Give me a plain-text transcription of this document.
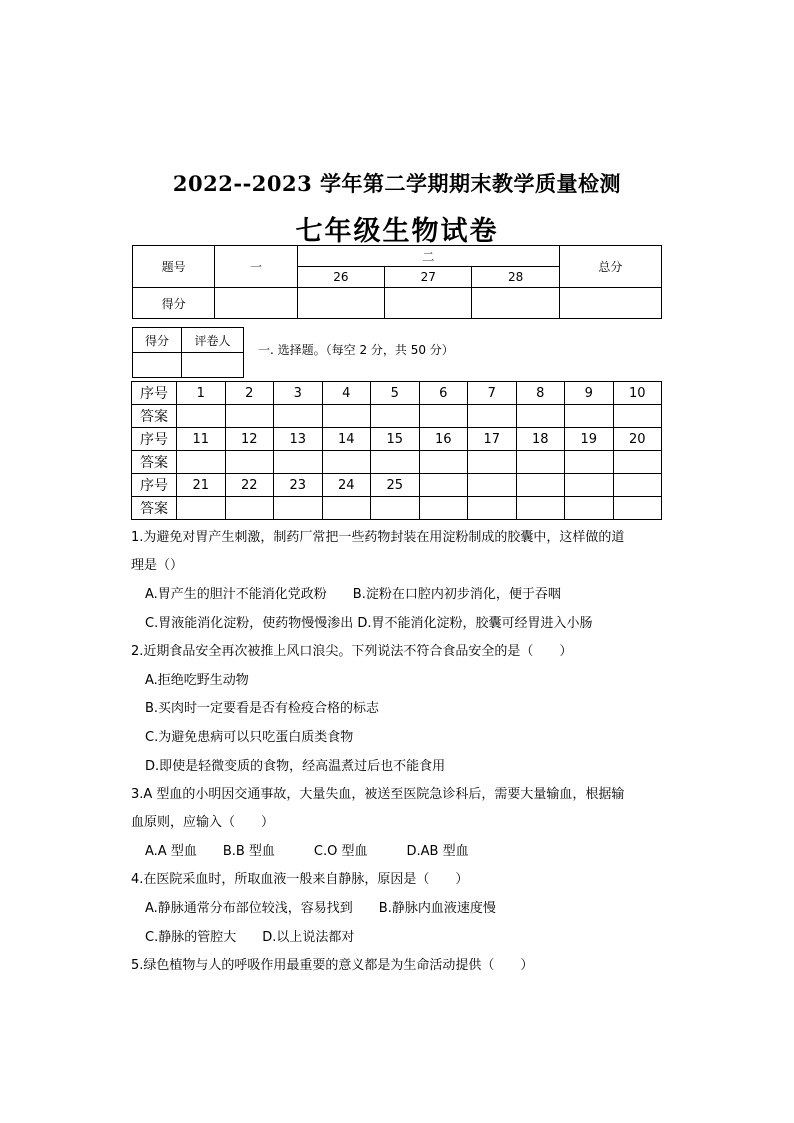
2022--2023 学年第二学期期末教学质量检测
七年级生物试卷
题号	一	二			总分
		26	27	28	
得分					
得分	评卷人

一. 选择题。（每空 2 分，共 50 分）
序号	1	2	3	4	5	6	7	8	9	10
答案										
序号	11	12	13	14	15	16	17	18	19	20
答案										
序号	21	22	23	24	25					
答案										
1.为避免对胃产生刺激，制药厂常把一些药物封装在用淀粉制成的胶囊中，这样做的道
理是（）
A.胃产生的胆汁不能消化党政粉　　B.淀粉在口腔内初步消化，便于吞咽
C.胃液能消化淀粉，使药物慢慢渗出 D.胃不能消化淀粉，胶囊可经胃进入小肠
2.近期食品安全再次被推上风口浪尖。下列说法不符合食品安全的是（　　）
A.拒绝吃野生动物
B.买肉时一定要看是否有检疫合格的标志
C.为避免患病可以只吃蛋白质类食物
D.即使是轻微变质的食物，经高温煮过后也不能食用
3.A 型血的小明因交通事故，大量失血，被送至医院急诊科后，需要大量输血，根据输
血原则，应输入（　　）
A.A 型血　　B.B 型血　　　C.O 型血　　　D.AB 型血
4.在医院采血时，所取血液一般来自静脉，原因是（　　）
A.静脉通常分布部位较浅，容易找到　　B.静脉内血液速度慢
C.静脉的管腔大　　D.以上说法都对
5.绿色植物与人的呼吸作用最重要的意义都是为生命活动提供（　　）
